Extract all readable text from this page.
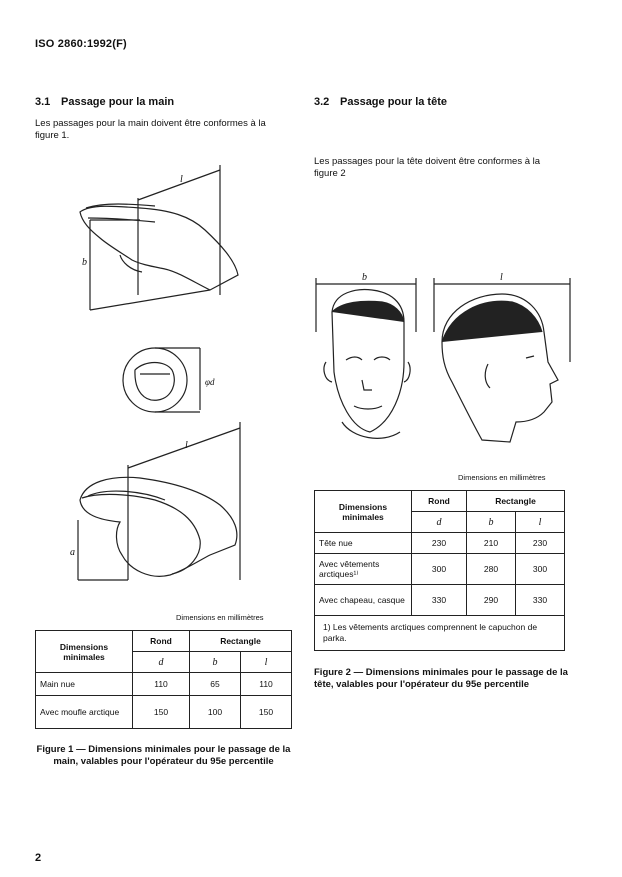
ISO 2860:1992(F)
3.1 Passage pour la main
Les passages pour la main doivent être conformes à la figure 1.
l
b
φd
l
a
Dimensions en millimètres
Dimensions minimales	Rond	Rectangle	
	d	b	l
Main nue	110	65	110
Avec moufle arctique	150	100	150
Figure 1 — Dimensions minimales pour le passage de la main, valables pour l'opérateur du 95e percentile
3.2 Passage pour la tête
Les passages pour la tête doivent être conformes à la figure 2
b	l
Dimensions en millimètres
Dimensions minimales	Rond	Rectangle	
	d	b	l
Tête nue	230	210	230
Avec vêtements arctiques¹⁾	300	280	300
Avec chapeau, casque	330	290	330
1) Les vêtements arctiques comprennent le capuchon de parka.			
Figure 2 — Dimensions minimales pour le passage de la tête, valables pour l'opérateur du 95e percentile
2
